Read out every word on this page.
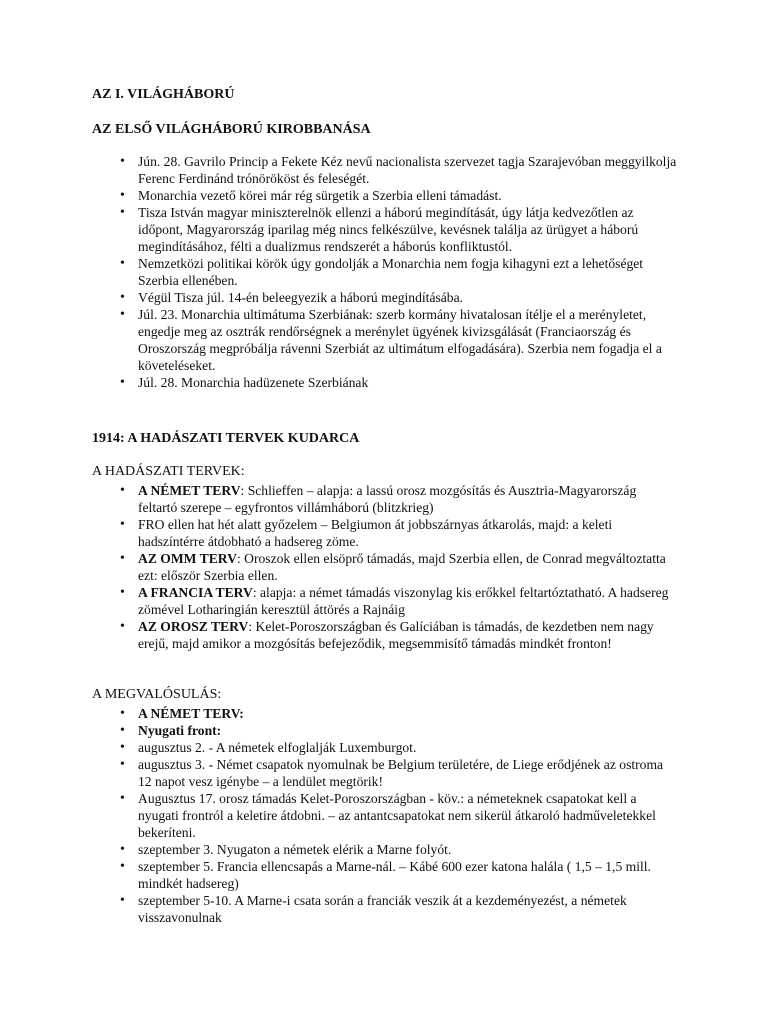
AZ I. VILÁGHÁBORÚ
AZ ELSŐ VILÁGHÁBORÚ KIROBBANÁSA
• Jún. 28. Gavrilo Princip a Fekete Kéz nevű nacionalista szervezet tagja Szarajevóban meggyilkolja Ferenc Ferdinánd trónörököst és feleségét.
• Monarchia vezető körei már rég sürgetik a Szerbia elleni támadást.
• Tisza István magyar miniszterelnök ellenzi a háború megindítását, úgy látja kedvezőtlen az időpont, Magyarország iparilag még nincs felkészülve, kevésnek találja az ürügyet a háború megindításához, félti a dualizmus rendszerét a háborús konfliktustól.
• Nemzetközi politikai körök úgy gondolják a Monarchia nem fogja kihagyni ezt a lehetőséget Szerbia ellenében.
• Végül Tisza júl. 14-én beleegyezik a háború megindításába.
• Júl. 23. Monarchia ultimátuma Szerbiának: szerb kormány hivatalosan ítélje el a merényletet, engedje meg az osztrák rendőrségnek a merénylet ügyének kivizsgálását (Franciaország és Oroszország megpróbálja rávenni Szerbiát az ultimátum elfogadására). Szerbia nem fogadja el a követeléseket.
• Júl. 28. Monarchia hadüzenete Szerbiának
1914: A HADÁSZATI TERVEK KUDARCA
A HADÁSZATI TERVEK:
• A NÉMET TERV: Schlieffen – alapja: a lassú orosz mozgósítás és Ausztria-Magyarország feltartó szerepe – egyfrontos villámháború (blitzkrieg)
• FRO ellen hat hét alatt győzelem – Belgiumon át jobbszárnyas átkarolás, majd: a keleti hadszíntérre átdobható a hadsereg zöme.
• AZ OMM TERV: Oroszok ellen elsöprő támadás, majd Szerbia ellen, de Conrad megváltoztatta ezt: először Szerbia ellen.
• A FRANCIA TERV: alapja: a német támadás viszonylag kis erőkkel feltartóztatható. A hadsereg zömével Lotharingián keresztül áttörés a Rajnáig
• AZ OROSZ TERV: Kelet-Poroszországban és Galíciában is támadás, de kezdetben nem nagy erejű, majd amikor a mozgósítás befejeződik, megsemmisítő támadás mindkét fronton!
A MEGVALÓSULÁS:
• A NÉMET TERV:
• Nyugati front:
• augusztus 2. - A németek elfoglalják Luxemburgot.
• augusztus 3. - Német csapatok nyomulnak be Belgium területére, de Liege erődjének az ostroma 12 napot vesz igénybe – a lendület megtörik!
• Augusztus 17. orosz támadás Kelet-Poroszországban - köv.: a németeknek csapatokat kell a nyugati frontról a keletire átdobni. – az antantcsapatokat nem sikerül átkaroló hadműveletekkel bekeríteni.
• szeptember 3. Nyugaton a németek elérik a Marne folyót.
• szeptember 5. Francia ellencsapás a Marne-nál. – Kábé 600 ezer katona halála ( 1,5 – 1,5 mill. mindkét hadsereg)
• szeptember 5-10. A Marne-i csata során a franciák veszik át a kezdeményezést, a németek visszavonulnak
